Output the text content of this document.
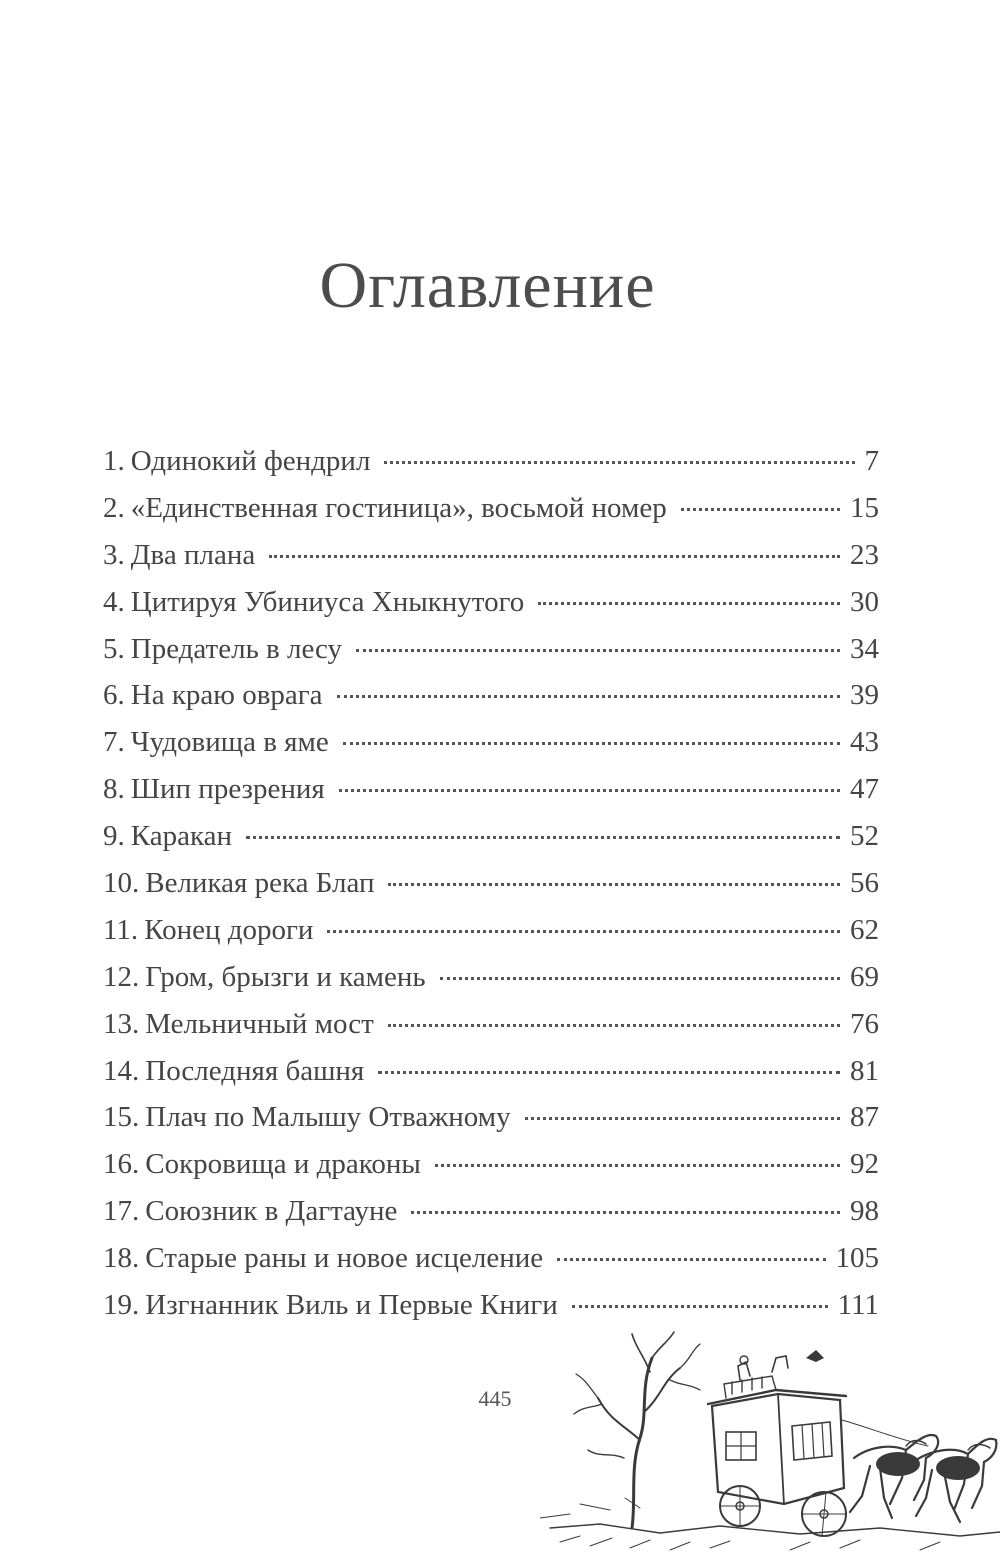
Оглавление
1. Одинокий фендрил	7
2. «Единственная гостиница», восьмой номер	15
3. Два плана	23
4. Цитируя Убиниуса Хныкнутого	30
5. Предатель в лесу	34
6. На краю оврага	39
7. Чудовища в яме	43
8. Шип презрения	47
9. Каракан	52
10. Великая река Блап	56
11. Конец дороги	62
12. Гром, брызги и камень	69
13. Мельничный мост	76
14. Последняя башня	81
15. Плач по Малышу Отважному	87
16. Сокровища и драконы	92
17. Союзник в Дагтауне	98
18. Старые раны и новое исцеление	105
19. Изгнанник Виль и Первые Книги	111
445
